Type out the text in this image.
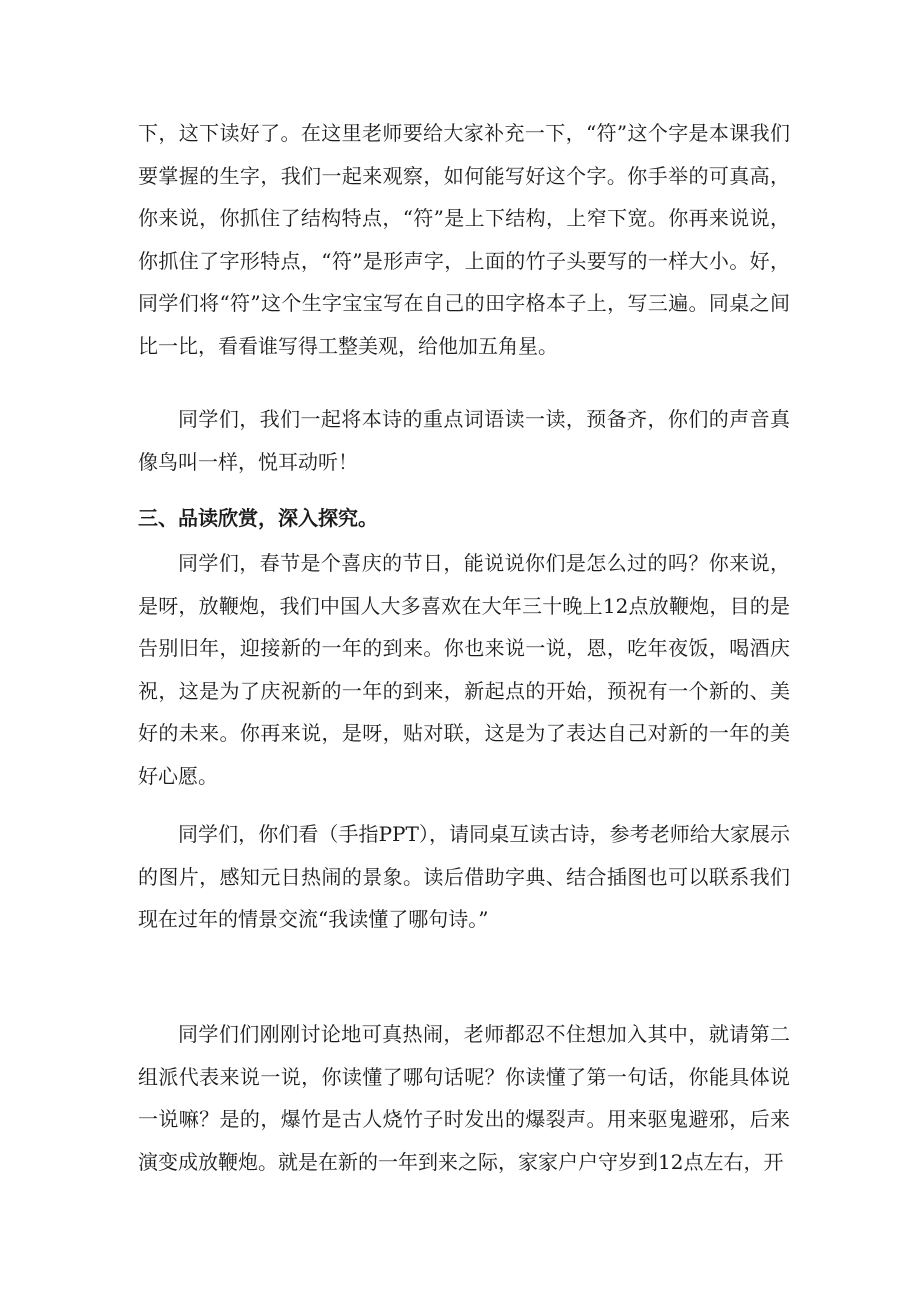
下，这下读好了。在这里老师要给大家补充一下，“符”这个字是本课我们要掌握的生字，我们一起来观察，如何能写好这个字。你手举的可真高，你来说，你抓住了结构特点，“符”是上下结构，上窄下宽。你再来说说，你抓住了字形特点，“符”是形声字，上面的竹子头要写的一样大小。好，同学们将“符”这个生字宝宝写在自己的田字格本子上，写三遍。同桌之间比一比，看看谁写得工整美观，给他加五角星。

同学们，我们一起将本诗的重点词语读一读，预备齐，你们的声音真像鸟叫一样，悦耳动听！

三、品读欣赏，深入探究。

同学们，春节是个喜庆的节日，能说说你们是怎么过的吗？你来说，是呀，放鞭炮，我们中国人大多喜欢在大年三十晚上12点放鞭炮，目的是告别旧年，迎接新的一年的到来。你也来说一说，恩，吃年夜饭，喝酒庆祝，这是为了庆祝新的一年的到来，新起点的开始，预祝有一个新的、美好的未来。你再来说，是呀，贴对联，这是为了表达自己对新的一年的美好心愿。

同学们，你们看（手指PPT），请同桌互读古诗，参考老师给大家展示的图片，感知元日热闹的景象。读后借助字典、结合插图也可以联系我们现在过年的情景交流“我读懂了哪句诗。”

同学们们刚刚讨论地可真热闹，老师都忍不住想加入其中，就请第二组派代表来说一说，你读懂了哪句话呢？你读懂了第一句话，你能具体说一说嘛？是的，爆竹是古人烧竹子时发出的爆裂声。用来驱鬼避邪，后来演变成放鞭炮。就是在新的一年到来之际，家家户户守岁到12点左右，开
